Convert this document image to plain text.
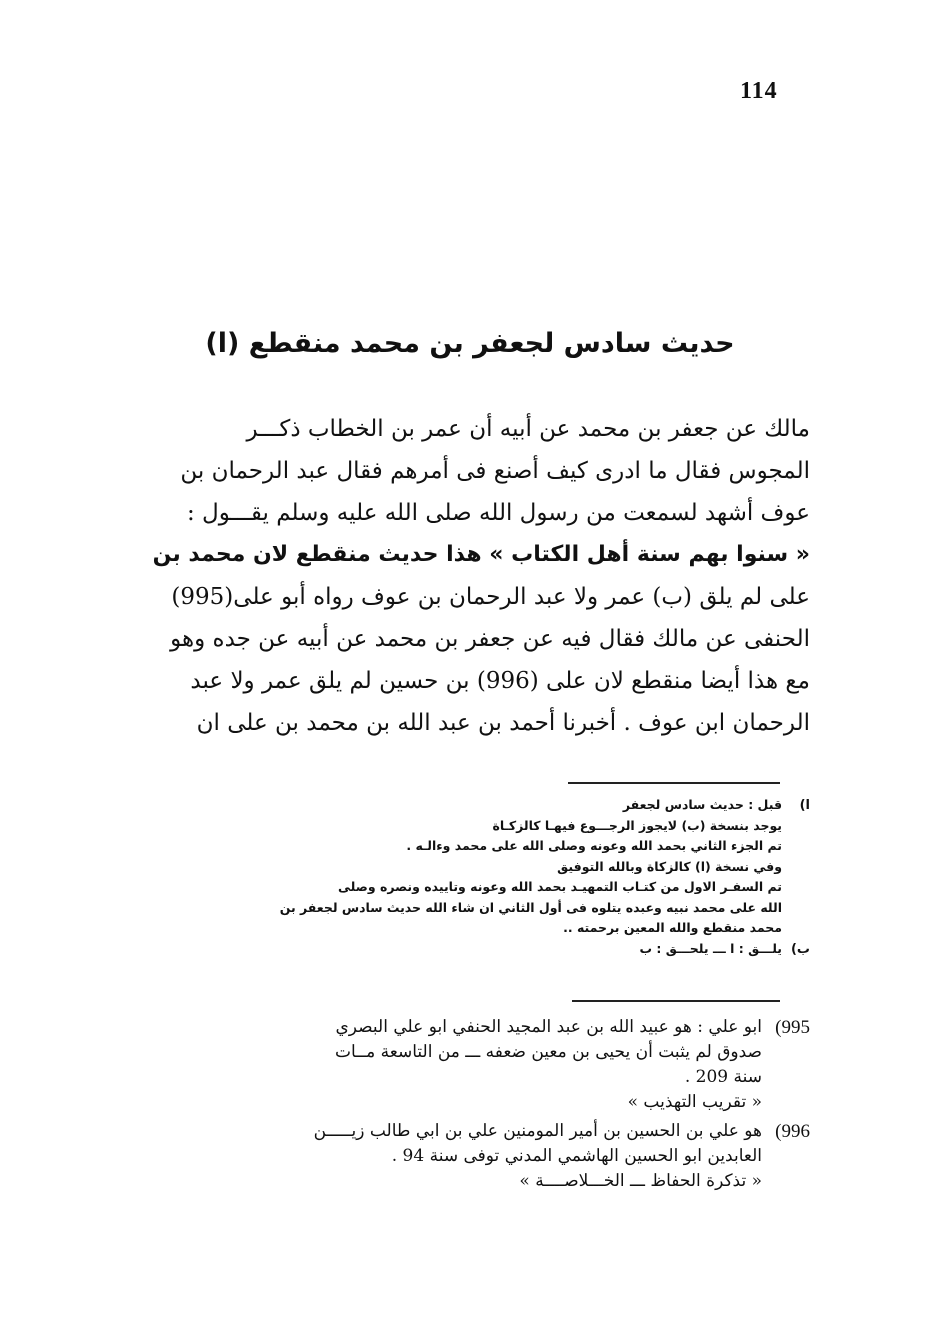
114
حديث سادس لجعفر بن محمد منقطع (ا)
مالك عن جعفر بن محمد عن أبيه أن عمر بن الخطاب ذكـــر
المجوس فقال ما ادرى كيف أصنع فى أمرهم فقال عبد الرحمان بن
عوف أشهد لسمعت من رسول الله صلى الله عليه وسلم يقـــول :
« سنوا بهم سنة أهل الكتاب » هذا حديث منقطع لان محمد بن
على لم يلق (ب) عمر ولا عبد الرحمان بن عوف رواه أبو على(995)
الحنفى عن مالك فقال فيه عن جعفر بن محمد عن أبيه عن جده وهو
مع هذا أيضا منقطع لان على (996) بن حسين لم يلق عمر ولا عبد
الرحمان ابن عوف . أخبرنا أحمد بن عبد الله بن محمد بن على ان
ا)
قبل : حديث سادس لجعفر
يوجد بنسخة (ب) لايجوز الرجـــوع فيهـا كالزكـاة
تم الجزء الثاني بحمد الله وعونه وصلى الله على محمد وءالـه .
وفي نسخة (ا) كالزكاة وبالله التوفيق
تم السفـر الاول من كتـاب التمهيـد بحمد الله وعونه وتاييده ونصره وصلى
الله على محمد نبيه وعبده يتلوه فى أول الثاني ان شاء الله حديث سادس لجعفر بن
محمد منقطع والله المعين برحمته ..
ب)
يلـــق : ا ـــ يلحـــق : ب
995)
ابو علي : هو عبيد الله بن عبد المجيد الحنفي ابو علي البصري
صدوق لم يثبت أن يحيى بن معين ضعفه ـــ من التاسعة مــات
سنة 209 .
« تقريب التهذيب »
996)
هو علي بن الحسين بن أمير المومنين علي بن ابي طالب زيـــــن
العابدين ابو الحسين الهاشمي المدني توفى سنة 94 .
« تذكرة الحفاظ ـــ الخـــلاصــــة »
